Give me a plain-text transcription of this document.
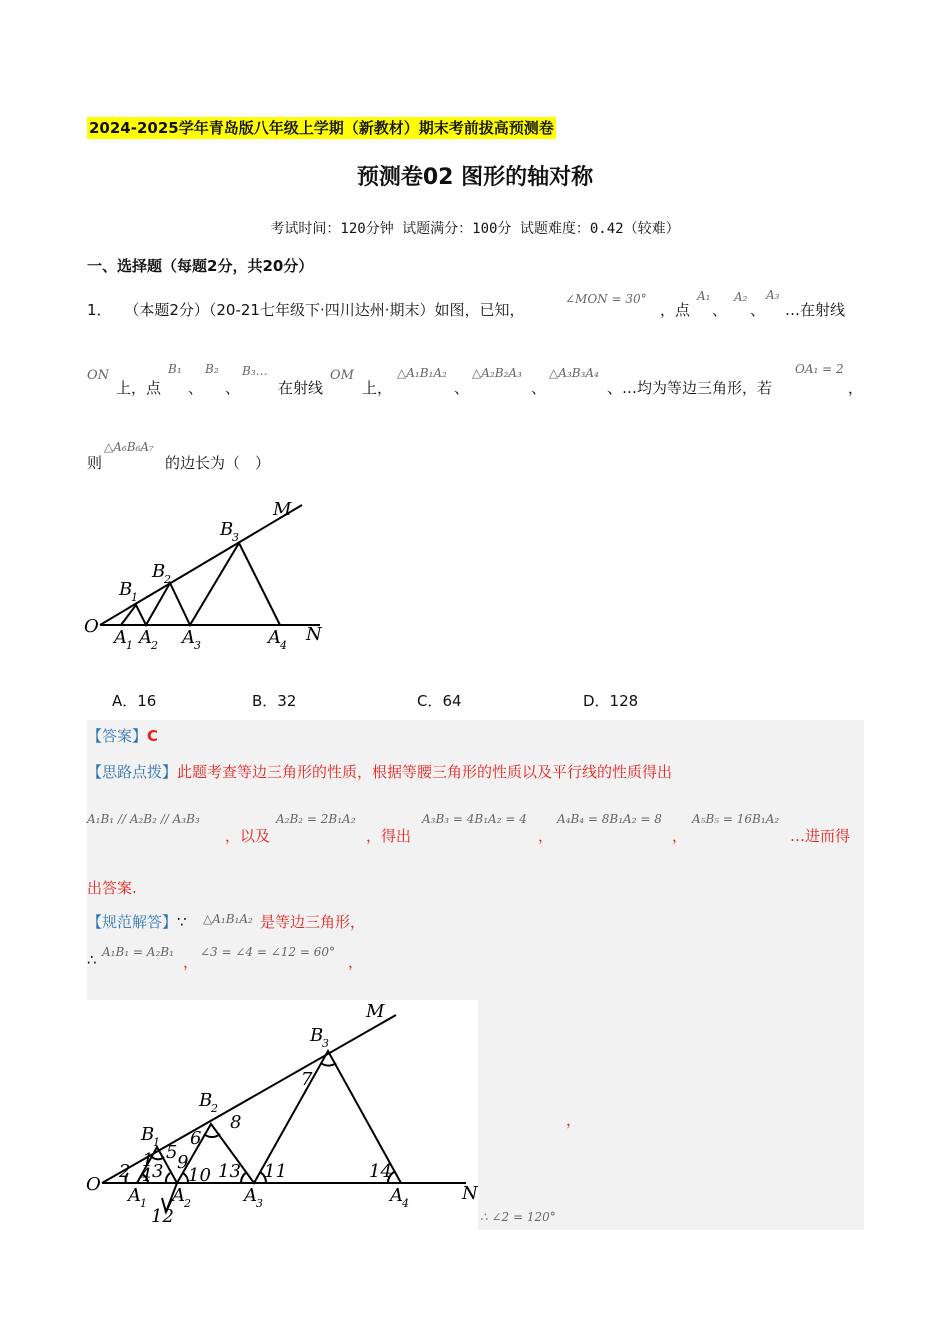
2024-2025学年青岛版八年级上学期（新教材）期末考前拔高预测卷
预测卷02 图形的轴对称
考试时间：120分钟 试题满分：100分 试题难度：0.42（较难）
一、选择题（每题2分，共20分）
1． （本题2分）（20-21七年级下·四川达州·期末）如图，已知，
∠MON = 30°
，点
A₁
、
A₂
、
A₃
…在射线
ON
上，点
B₁
、
B₂
、
B₃…
在射线
OM
上，
△A₁B₁A₂
、
△A₂B₂A₃
、
△A₃B₃A₄
、…均为等边三角形，若
OA₁ = 2
，
则
△A₆B₆A₇
的边长为（　）
M
B
3
B
2
B
1
O
A 1 A 2 A 3	A 4
N
A．16	B．32	C．64	D．128
【答案】C
【思路点拨】此题考查等边三角形的性质，根据等腰三角形的性质以及平行线的性质得出
A₁B₁ // A₂B₂ // A₃B₃
，以及
A₂B₂ = 2B₁A₂
，得出
A₃B₃ = 4B₁A₂ = 4
，
A₄B₄ = 8B₁A₂ = 8
，
A₅B₅ = 16B₁A₂
…进而得
出答案.
【规范解答】∵ △A₁B₁A₂ 是等边三角形，
∴ A₁B₁ = A₂B₁
，
∠3 = ∠4 = ∠12 = 60°
，
M
B
3
7
B
2
8
6
B
1 5
1 9
2 3
4 10 13 11	14
O
A 1 A 2	A 3	A 4	N
12
，
∴ ∠2 = 120°
